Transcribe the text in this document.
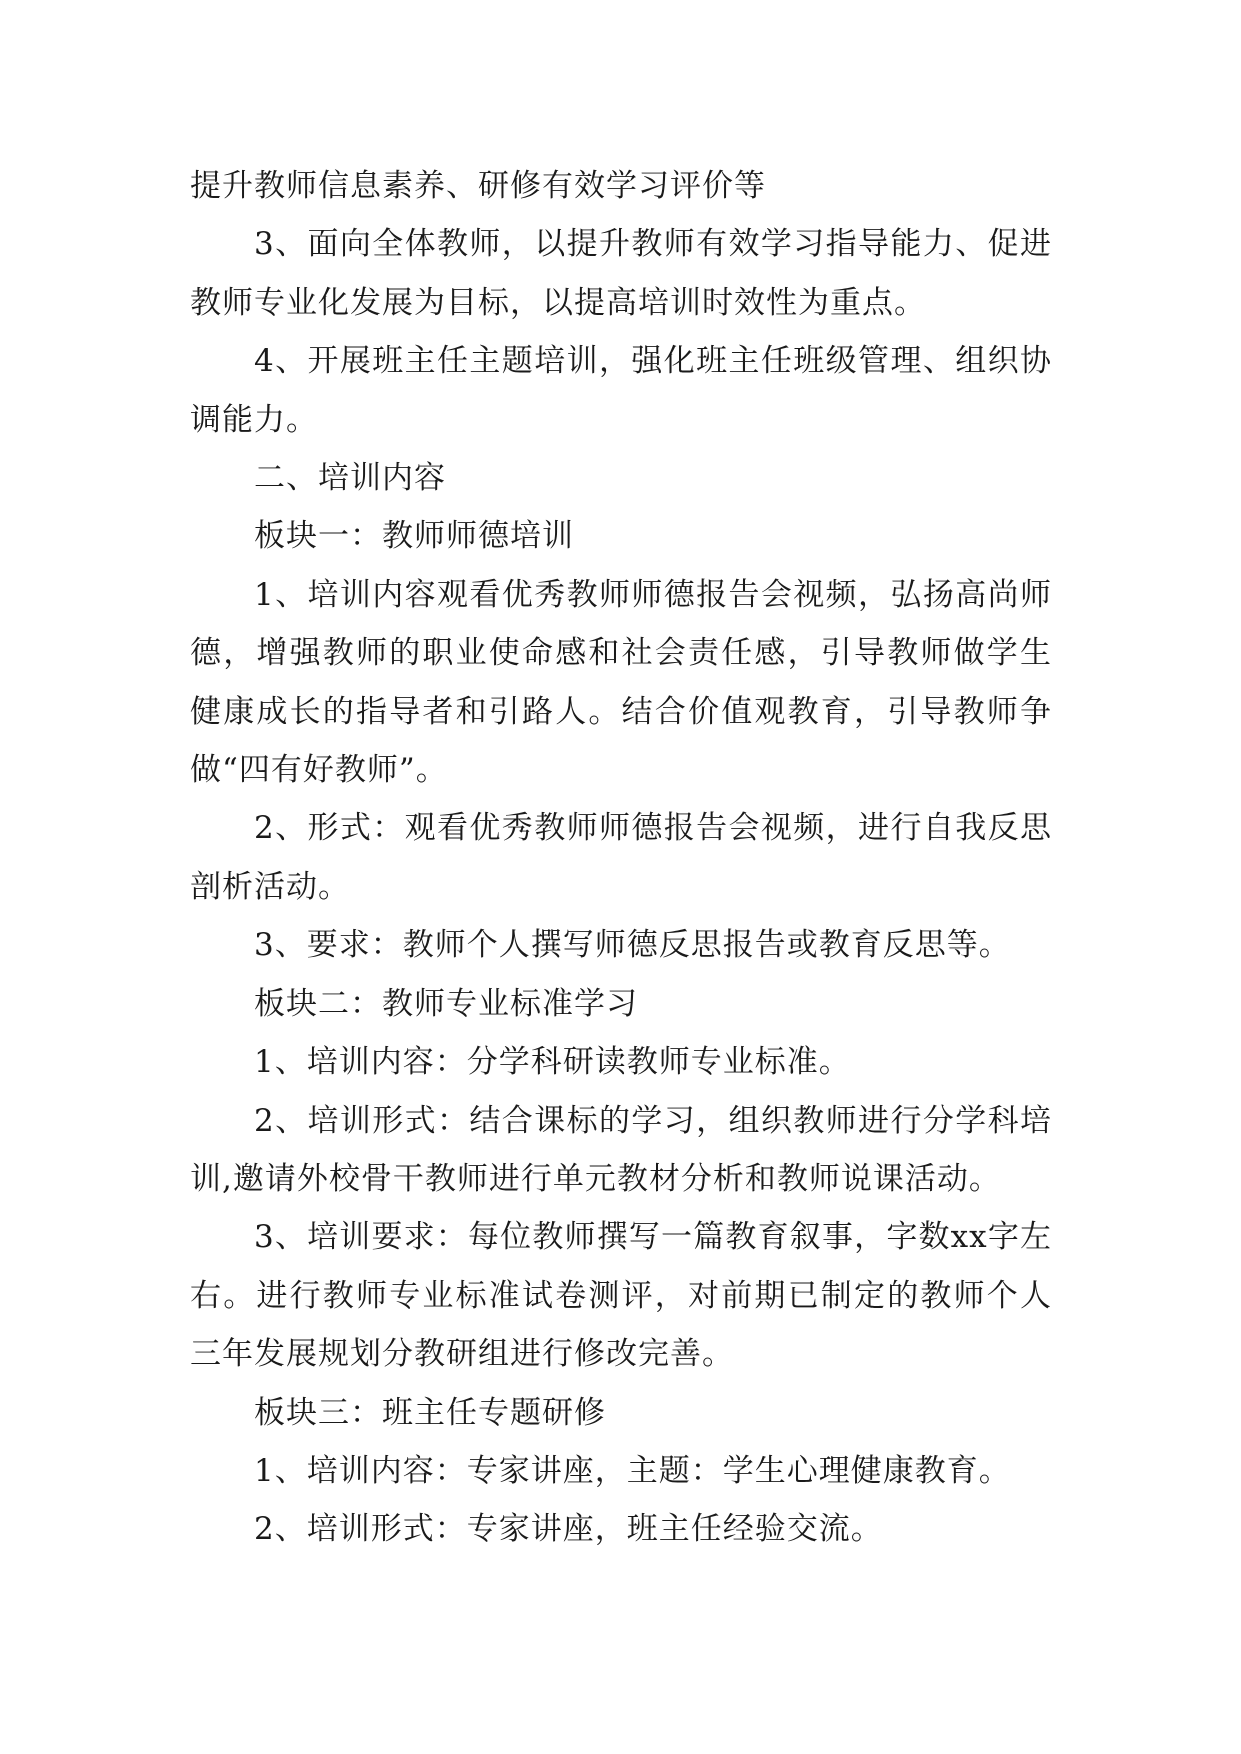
提升教师信息素养、研修有效学习评价等

3、面向全体教师，以提升教师有效学习指导能力、促进教师专业化发展为目标，以提高培训时效性为重点。

4、开展班主任主题培训，强化班主任班级管理、组织协调能力。

二、培训内容

板块一：教师师德培训

1、培训内容观看优秀教师师德报告会视频，弘扬高尚师德，增强教师的职业使命感和社会责任感，引导教师做学生健康成长的指导者和引路人。结合价值观教育，引导教师争做“四有好教师”。

2、形式：观看优秀教师师德报告会视频，进行自我反思剖析活动。

3、要求：教师个人撰写师德反思报告或教育反思等。

板块二：教师专业标准学习

1、培训内容：分学科研读教师专业标准。

2、培训形式：结合课标的学习，组织教师进行分学科培训,邀请外校骨干教师进行单元教材分析和教师说课活动。

3、培训要求：每位教师撰写一篇教育叙事，字数xx字左右。进行教师专业标准试卷测评，对前期已制定的教师个人三年发展规划分教研组进行修改完善。

板块三：班主任专题研修

1、培训内容：专家讲座，主题：学生心理健康教育。

2、培训形式：专家讲座，班主任经验交流。
